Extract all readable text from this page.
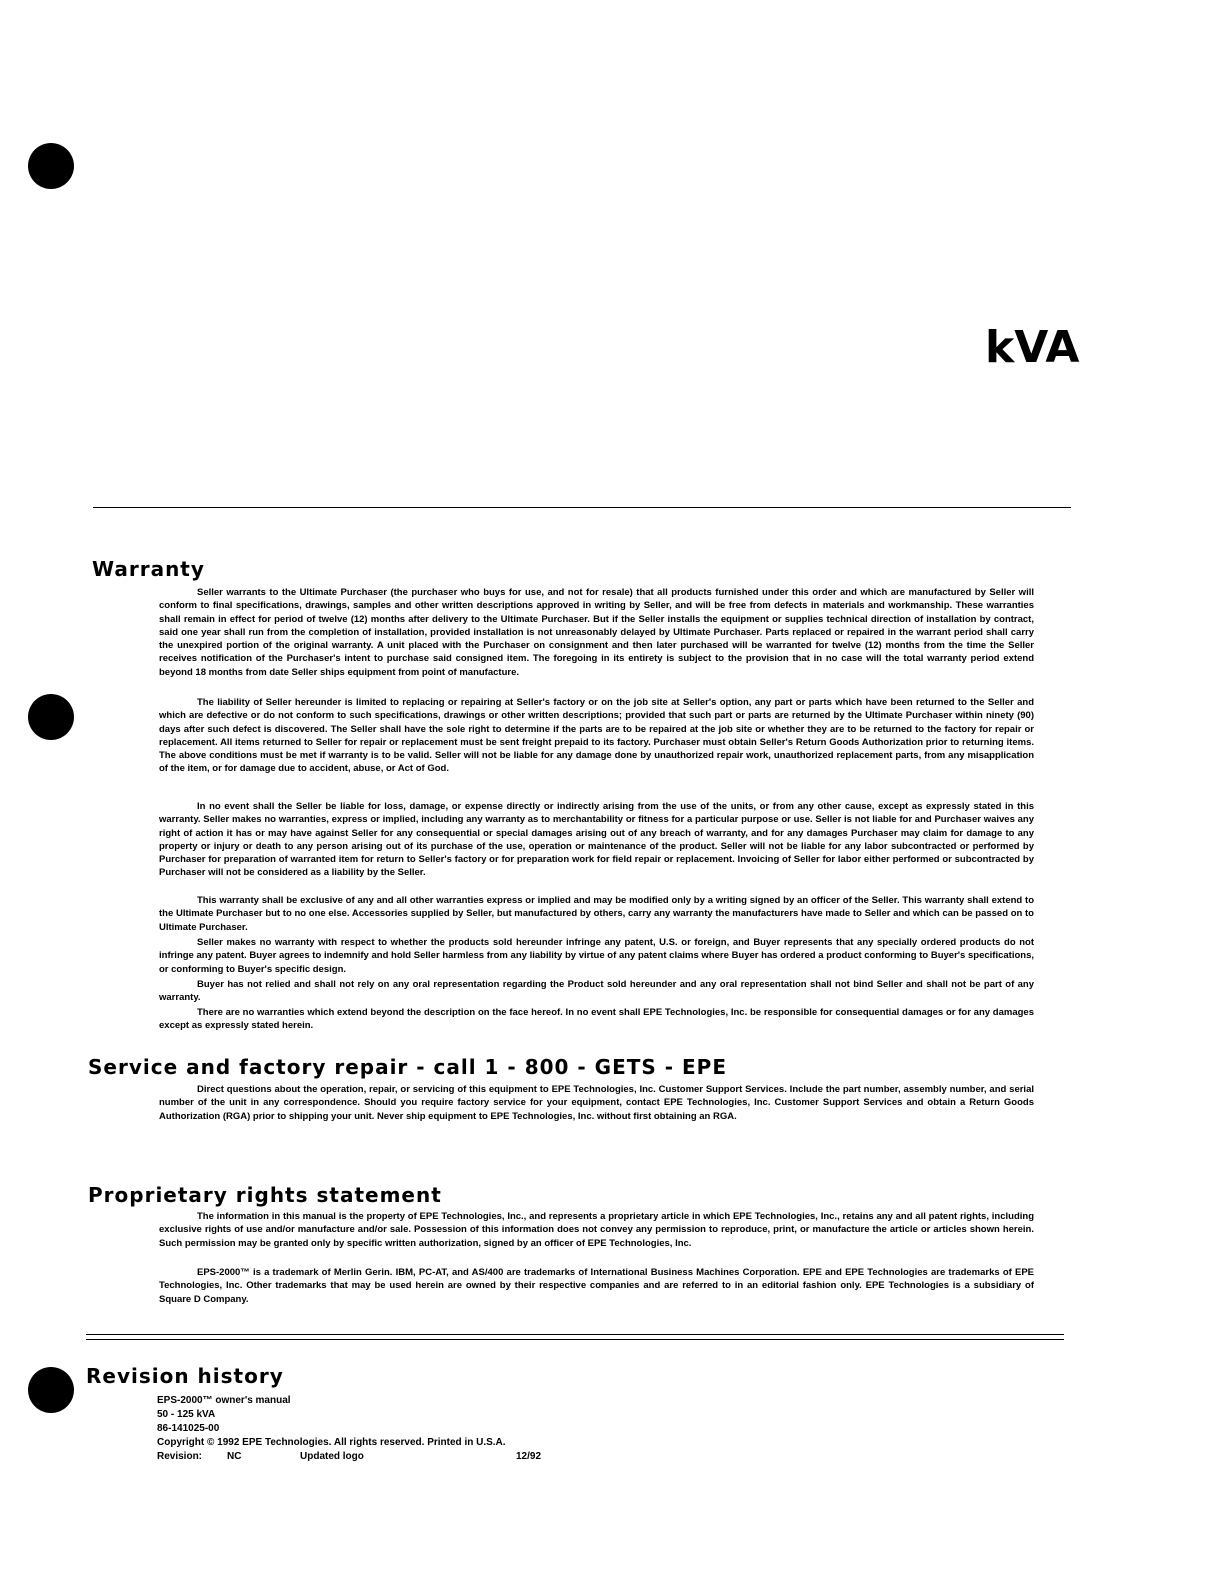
kVA
Warranty
Seller warrants to the Ultimate Purchaser (the purchaser who buys for use, and not for resale) that all products furnished under this order and which are manufactured by Seller will conform to final specifications, drawings, samples and other written descriptions approved in writing by Seller, and will be free from defects in materials and workmanship. These warranties shall remain in effect for period of twelve (12) months after delivery to the Ultimate Purchaser. But if the Seller installs the equipment or supplies technical direction of installation by contract, said one year shall run from the completion of installation, provided installation is not unreasonably delayed by Ultimate Purchaser. Parts replaced or repaired in the warrant period shall carry the unexpired portion of the original warranty. A unit placed with the Purchaser on consignment and then later purchased will be warranted for twelve (12) months from the time the Seller receives notification of the Purchaser's intent to purchase said consigned item. The foregoing in its entirety is subject to the provision that in no case will the total warranty period extend beyond 18 months from date Seller ships equipment from point of manufacture.
The liability of Seller hereunder is limited to replacing or repairing at Seller's factory or on the job site at Seller's option, any part or parts which have been returned to the Seller and which are defective or do not conform to such specifications, drawings or other written descriptions; provided that such part or parts are returned by the Ultimate Purchaser within ninety (90) days after such defect is discovered. The Seller shall have the sole right to determine if the parts are to be repaired at the job site or whether they are to be returned to the factory for repair or replacement. All items returned to Seller for repair or replacement must be sent freight prepaid to its factory. Purchaser must obtain Seller's Return Goods Authorization prior to returning items. The above conditions must be met if warranty is to be valid. Seller will not be liable for any damage done by unauthorized repair work, unauthorized replacement parts, from any misapplication of the item, or for damage due to accident, abuse, or Act of God.
In no event shall the Seller be liable for loss, damage, or expense directly or indirectly arising from the use of the units, or from any other cause, except as expressly stated in this warranty. Seller makes no warranties, express or implied, including any warranty as to merchantability or fitness for a particular purpose or use. Seller is not liable for and Purchaser waives any right of action it has or may have against Seller for any consequential or special damages arising out of any breach of warranty, and for any damages Purchaser may claim for damage to any property or injury or death to any person arising out of its purchase of the use, operation or maintenance of the product. Seller will not be liable for any labor subcontracted or performed by Purchaser for preparation of warranted item for return to Seller's factory or for preparation work for field repair or replacement. Invoicing of Seller for labor either performed or subcontracted by Purchaser will not be considered as a liability by the Seller.
This warranty shall be exclusive of any and all other warranties express or implied and may be modified only by a writing signed by an officer of the Seller. This warranty shall extend to the Ultimate Purchaser but to no one else. Accessories supplied by Seller, but manufactured by others, carry any warranty the manufacturers have made to Seller and which can be passed on to Ultimate Purchaser.
Seller makes no warranty with respect to whether the products sold hereunder infringe any patent, U.S. or foreign, and Buyer represents that any specially ordered products do not infringe any patent. Buyer agrees to indemnify and hold Seller harmless from any liability by virtue of any patent claims where Buyer has ordered a product conforming to Buyer's specifications, or conforming to Buyer's specific design.
Buyer has not relied and shall not rely on any oral representation regarding the Product sold hereunder and any oral representation shall not bind Seller and shall not be part of any warranty.
There are no warranties which extend beyond the description on the face hereof. In no event shall EPE Technologies, Inc. be responsible for consequential damages or for any damages except as expressly stated herein.
Service and factory repair - call 1 - 800 - GETS - EPE
Direct questions about the operation, repair, or servicing of this equipment to EPE Technologies, Inc. Customer Support Services. Include the part number, assembly number, and serial number of the unit in any correspondence. Should you require factory service for your equipment, contact EPE Technologies, Inc. Customer Support Services and obtain a Return Goods Authorization (RGA) prior to shipping your unit. Never ship equipment to EPE Technologies, Inc. without first obtaining an RGA.
Proprietary rights statement
The information in this manual is the property of EPE Technologies, Inc., and represents a proprietary article in which EPE Technologies, Inc., retains any and all patent rights, including exclusive rights of use and/or manufacture and/or sale. Possession of this information does not convey any permission to reproduce, print, or manufacture the article or articles shown herein. Such permission may be granted only by specific written authorization, signed by an officer of EPE Technologies, Inc.
EPS-2000™ is a trademark of Merlin Gerin. IBM, PC-AT, and AS/400 are trademarks of International Business Machines Corporation. EPE and EPE Technologies are trademarks of EPE Technologies, Inc. Other trademarks that may be used herein are owned by their respective companies and are referred to in an editorial fashion only. EPE Technologies is a subsidiary of Square D Company.
Revision history
EPS-2000™ owner's manual
50 - 125 kVA
86-141025-00
Copyright © 1992 EPE Technologies. All rights reserved. Printed in U.S.A.
Revision: NC	Updated logo	12/92
